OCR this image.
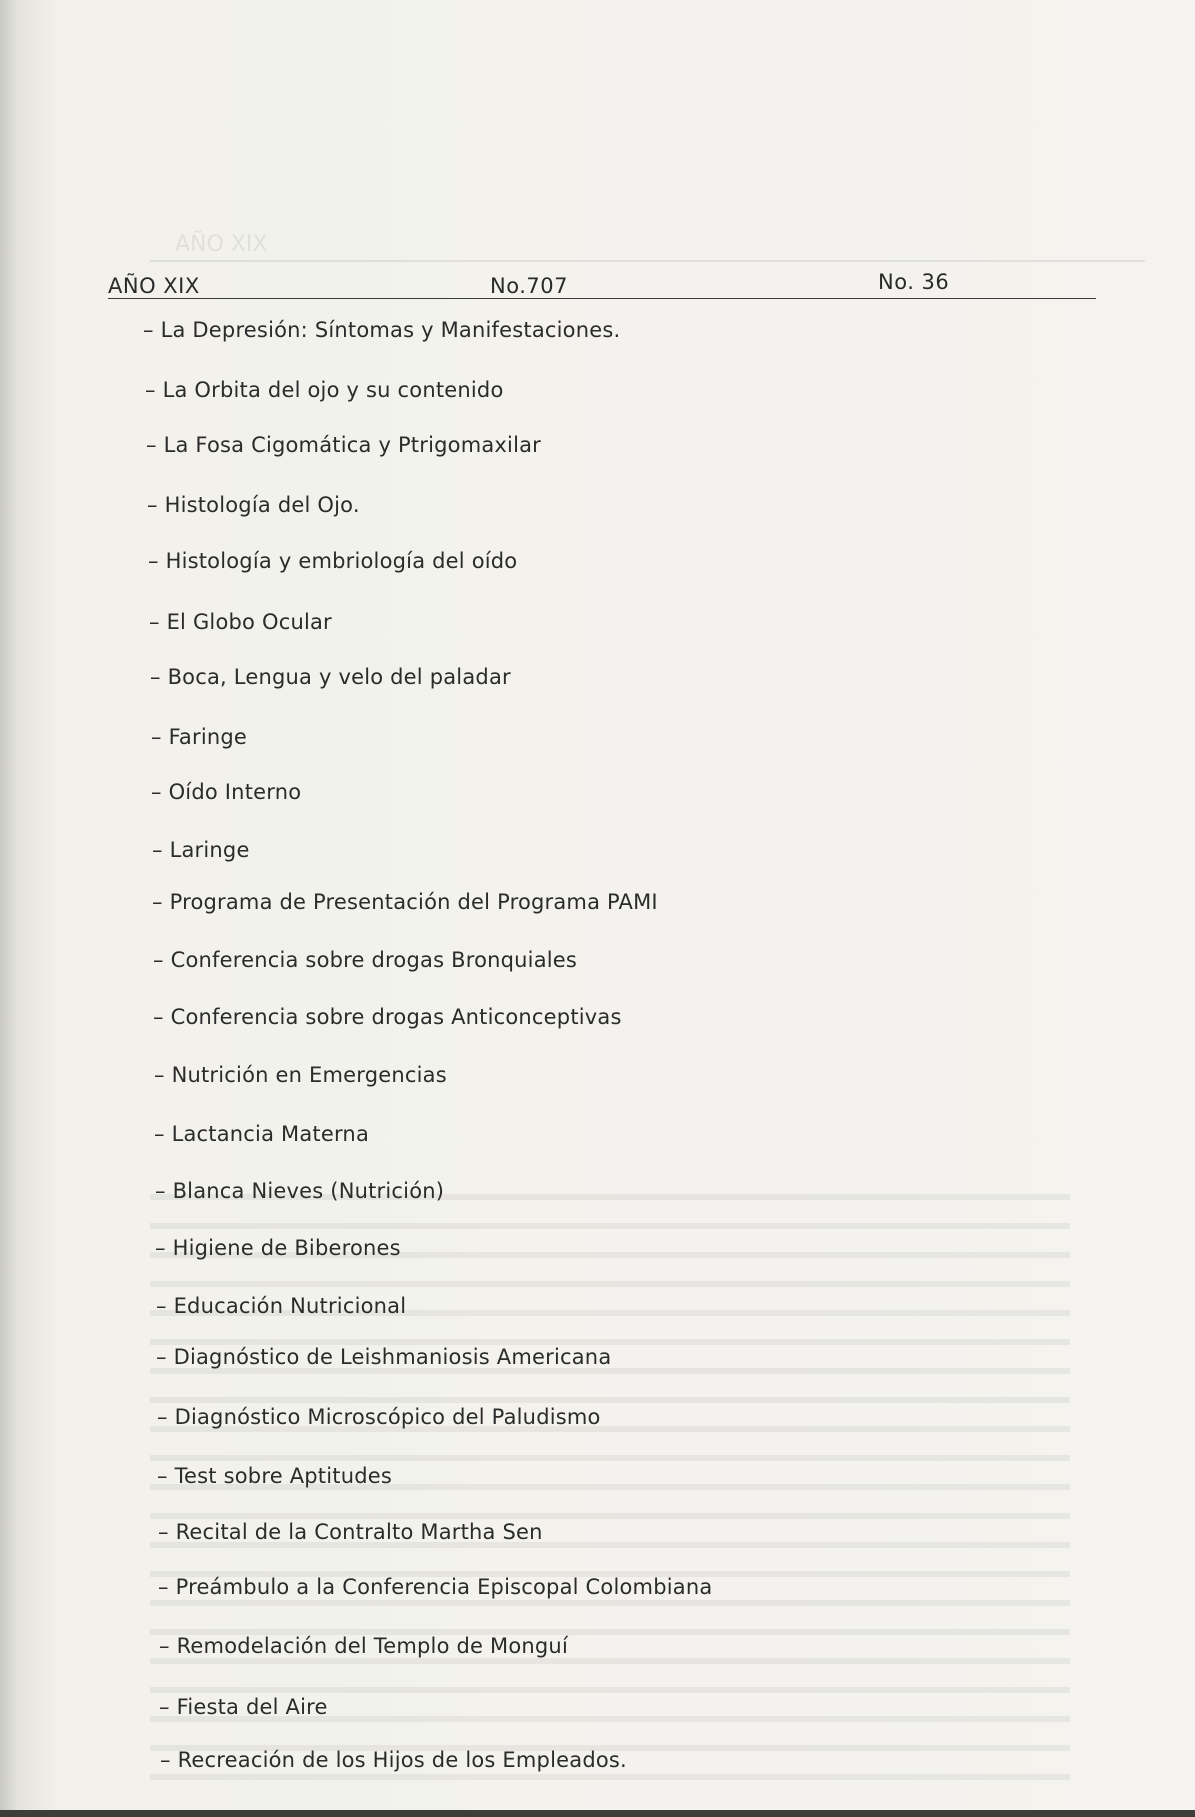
AÑO XIX

AÑO XIX	No.707	No. 36
– La Depresión: Síntomas y Manifestaciones.
– La Orbita del ojo y su contenido
– La Fosa Cigomática y Ptrigomaxilar
– Histología del Ojo.
– Histología y embriología del oído
– El Globo Ocular
– Boca, Lengua y velo del paladar
– Faringe
– Oído Interno
– Laringe
– Programa de Presentación del Programa PAMI
– Conferencia sobre drogas Bronquiales
– Conferencia sobre drogas Anticonceptivas
– Nutrición en Emergencias
– Lactancia Materna
– Blanca Nieves (Nutrición)
– Higiene de Biberones
– Educación Nutricional
– Diagnóstico de Leishmaniosis Americana
– Diagnóstico Microscópico del Paludismo
– Test sobre Aptitudes
– Recital de la Contralto Martha Sen
– Preámbulo a la Conferencia Episcopal Colombiana
– Remodelación del Templo de Monguí
– Fiesta del Aire
– Recreación de los Hijos de los Empleados.
